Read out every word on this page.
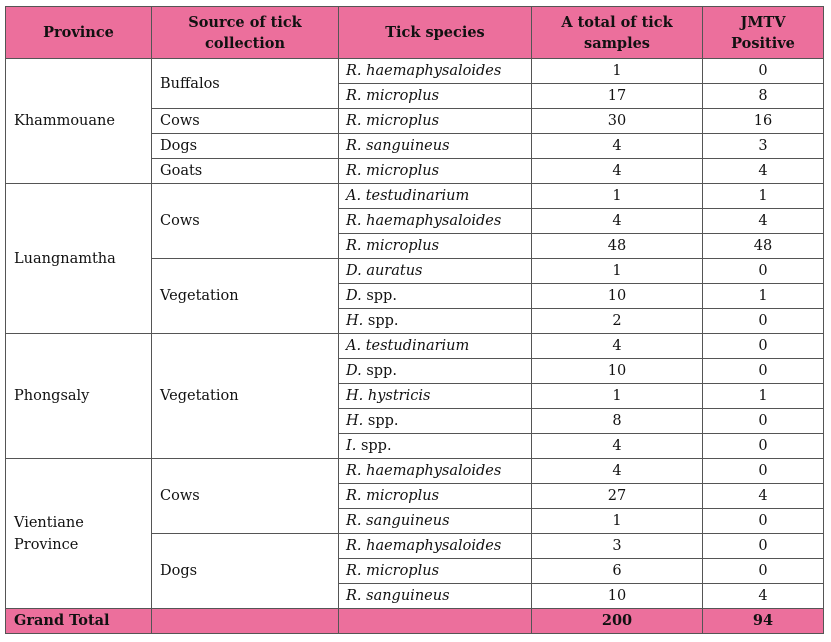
Province	Source of tick collection	Tick species	A total of tick samples	JMTV Positive
Khammouane	Buffalos	R. haemaphysaloides	1	0
		R. microplus	17	8
	Cows	R. microplus	30	16
	Dogs	R. sanguineus	4	3
	Goats	R. microplus	4	4
Luangnamtha	Cows	A. testudinarium	1	1
		R. haemaphysaloides	4	4
		R. microplus	48	48
	Vegetation	D. auratus	1	0
		D. spp.	10	1
		H. spp.	2	0
Phongsaly	Vegetation	A. testudinarium	4	0
		D. spp.	10	0
		H. hystricis	1	1
		H. spp.	8	0
		I. spp.	4	0
Vientiane Province	Cows	R. haemaphysaloides	4	0
		R. microplus	27	4
		R. sanguineus	1	0
	Dogs	R. haemaphysaloides	3	0
		R. microplus	6	0
		R. sanguineus	10	4
Grand Total			200	94
